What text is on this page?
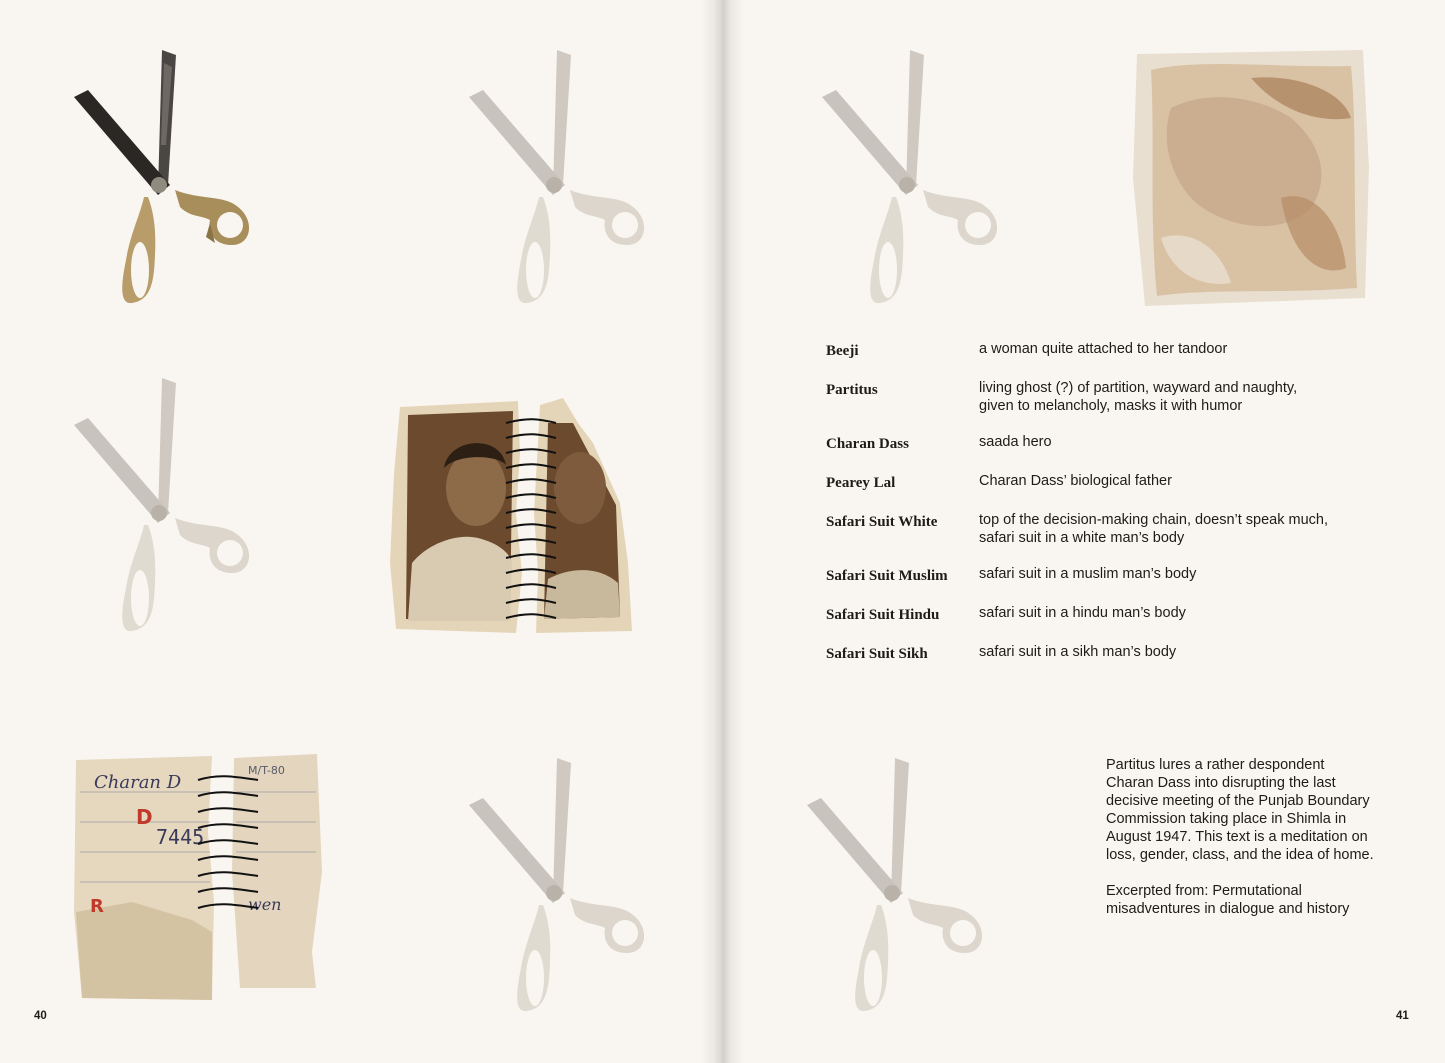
Charan D
D
7445
R	wen
M/T-80
Beeji	a woman quite attached to her tandoor
Partitus	living ghost (?) of partition, wayward and naughty,
given to melancholy, masks it with humor
Charan Dass	saada hero
Pearey Lal	Charan Dass’ biological father
Safari Suit White	top of the decision-making chain, doesn’t speak much,
safari suit in a white man’s body
Safari Suit Muslim	safari suit in a muslim man’s body
Safari Suit Hindu	safari suit in a hindu man’s body
Safari Suit Sikh	safari suit in a sikh man’s body

Partitus lures a rather despondent
Charan Dass into disrupting the last
decisive meeting of the Punjab Boundary
Commission taking place in Shimla in
August 1947. This text is a meditation on
loss, gender, class, and the idea of home.

Excerpted from: Permutational
misadventures in dialogue and history

40	41
